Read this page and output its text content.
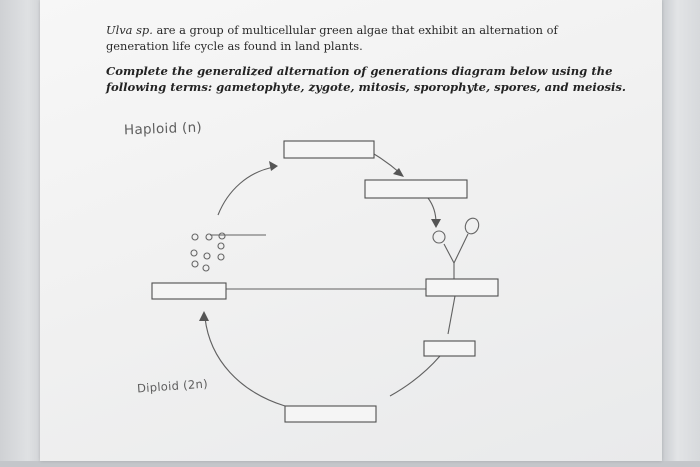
Ulva sp. are a group of multicellular green algae that exhibit an alternation of generation life cycle as found in land plants.

Complete the generalized alternation of generations diagram below using the following terms: gametophyte, zygote, mitosis, sporophyte, spores, and meiosis.

Haploid (n)
Diploid (2n)
